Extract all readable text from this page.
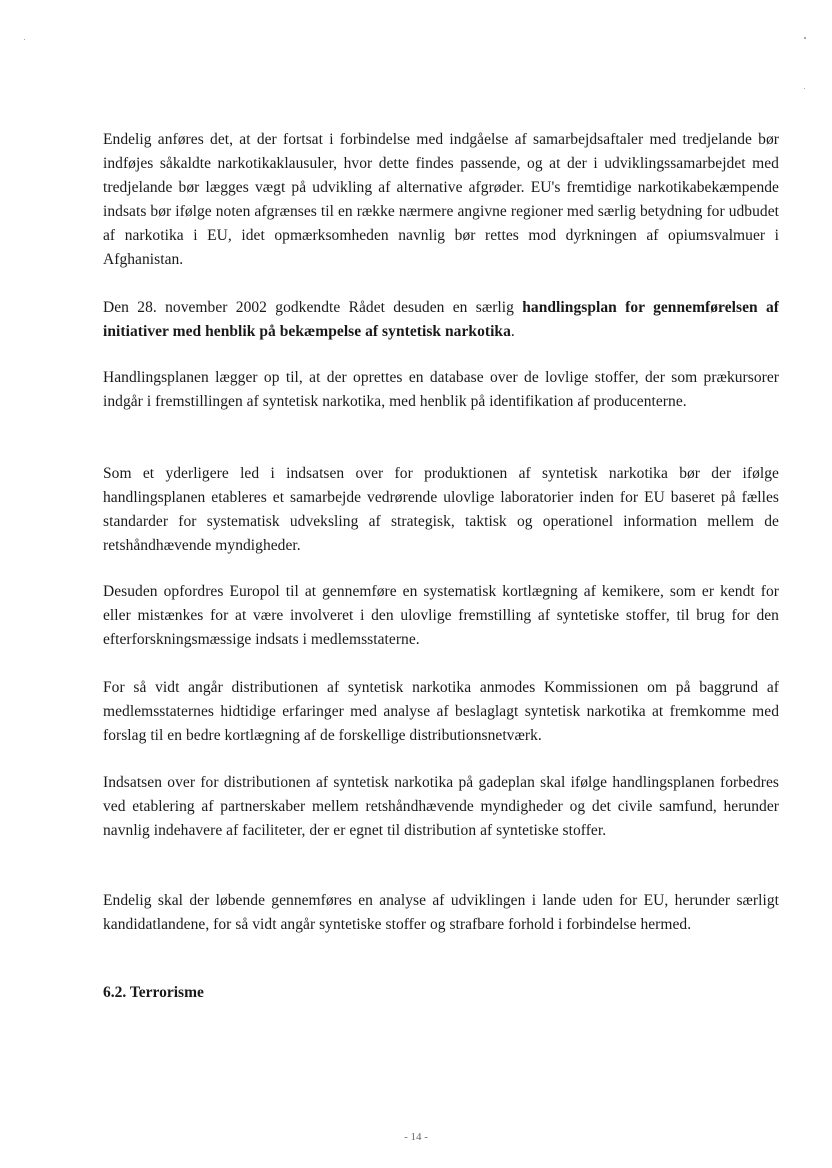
Endelig anføres det, at der fortsat i forbindelse med indgåelse af samarbejdsaftaler med tredjelande bør indføjes såkaldte narkotikaklausuler, hvor dette findes passende, og at der i udviklingssamarbejdet med tredjelande bør lægges vægt på udvikling af alternative afgrøder. EU's fremtidige narkotikabekæmpende indsats bør ifølge noten afgrænses til en række nærmere angivne regioner med særlig betydning for udbudet af narkotika i EU, idet opmærksomheden navnlig bør rettes mod dyrkningen af opiumsvalmuer i Afghanistan.

Den 28. november 2002 godkendte Rådet desuden en særlig handlingsplan for gennemførelsen af initiativer med henblik på bekæmpelse af syntetisk narkotika.

Handlingsplanen lægger op til, at der oprettes en database over de lovlige stoffer, der som prækursorer indgår i fremstillingen af syntetisk narkotika, med henblik på identifikation af producenterne.

Som et yderligere led i indsatsen over for produktionen af syntetisk narkotika bør der ifølge handlingsplanen etableres et samarbejde vedrørende ulovlige laboratorier inden for EU baseret på fælles standarder for systematisk udveksling af strategisk, taktisk og operationel information mellem de retshåndhævende myndigheder.

Desuden opfordres Europol til at gennemføre en systematisk kortlægning af kemikere, som er kendt for eller mistænkes for at være involveret i den ulovlige fremstilling af syntetiske stoffer, til brug for den efterforskningsmæssige indsats i medlemsstaterne.

For så vidt angår distributionen af syntetisk narkotika anmodes Kommissionen om på baggrund af medlemsstaternes hidtidige erfaringer med analyse af beslaglagt syntetisk narkotika at fremkomme med forslag til en bedre kortlægning af de forskellige distributionsnetværk.

Indsatsen over for distributionen af syntetisk narkotika på gadeplan skal ifølge handlingsplanen forbedres ved etablering af partnerskaber mellem retshåndhævende myndigheder og det civile samfund, herunder navnlig indehavere af faciliteter, der er egnet til distribution af syntetiske stoffer.

Endelig skal der løbende gennemføres en analyse af udviklingen i lande uden for EU, herunder særligt kandidatlandene, for så vidt angår syntetiske stoffer og strafbare forhold i forbindelse hermed.

6.2. Terrorisme

- 14 -
